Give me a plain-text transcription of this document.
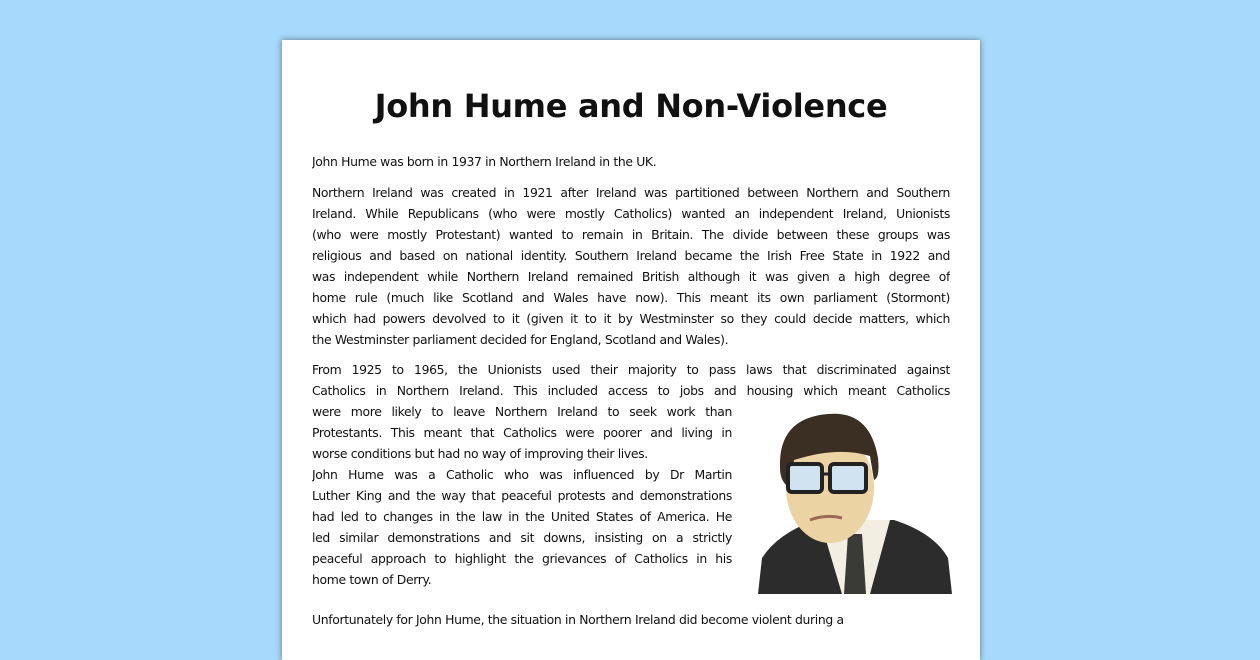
John Hume and Non-Violence
John Hume was born in 1937 in Northern Ireland in the UK.
Northern Ireland was created in 1921 after Ireland was partitioned between Northern and Southern
Ireland. While Republicans (who were mostly Catholics) wanted an independent Ireland, Unionists
(who were mostly Protestant) wanted to remain in Britain. The divide between these groups was
religious and based on national identity. Southern Ireland became the Irish Free State in 1922 and
was independent while Northern Ireland remained British although it was given a high degree of
home rule (much like Scotland and Wales have now). This meant its own parliament (Stormont)
which had powers devolved to it (given it to it by Westminster so they could decide matters, which
the Westminster parliament decided for England, Scotland and Wales).
From 1925 to 1965, the Unionists used their majority to pass laws that discriminated against
Catholics in Northern Ireland. This included access to jobs and housing which meant Catholics
were more likely to leave Northern Ireland to seek work than
Protestants. This meant that Catholics were poorer and living in
worse conditions but had no way of improving their lives.
John Hume was a Catholic who was influenced by Dr Martin
Luther King and the way that peaceful protests and demonstrations
had led to changes in the law in the United States of America. He
led similar demonstrations and sit downs, insisting on a strictly
peaceful approach to highlight the grievances of Catholics in his
home town of Derry.
Unfortunately for John Hume, the situation in Northern Ireland did become violent during a
